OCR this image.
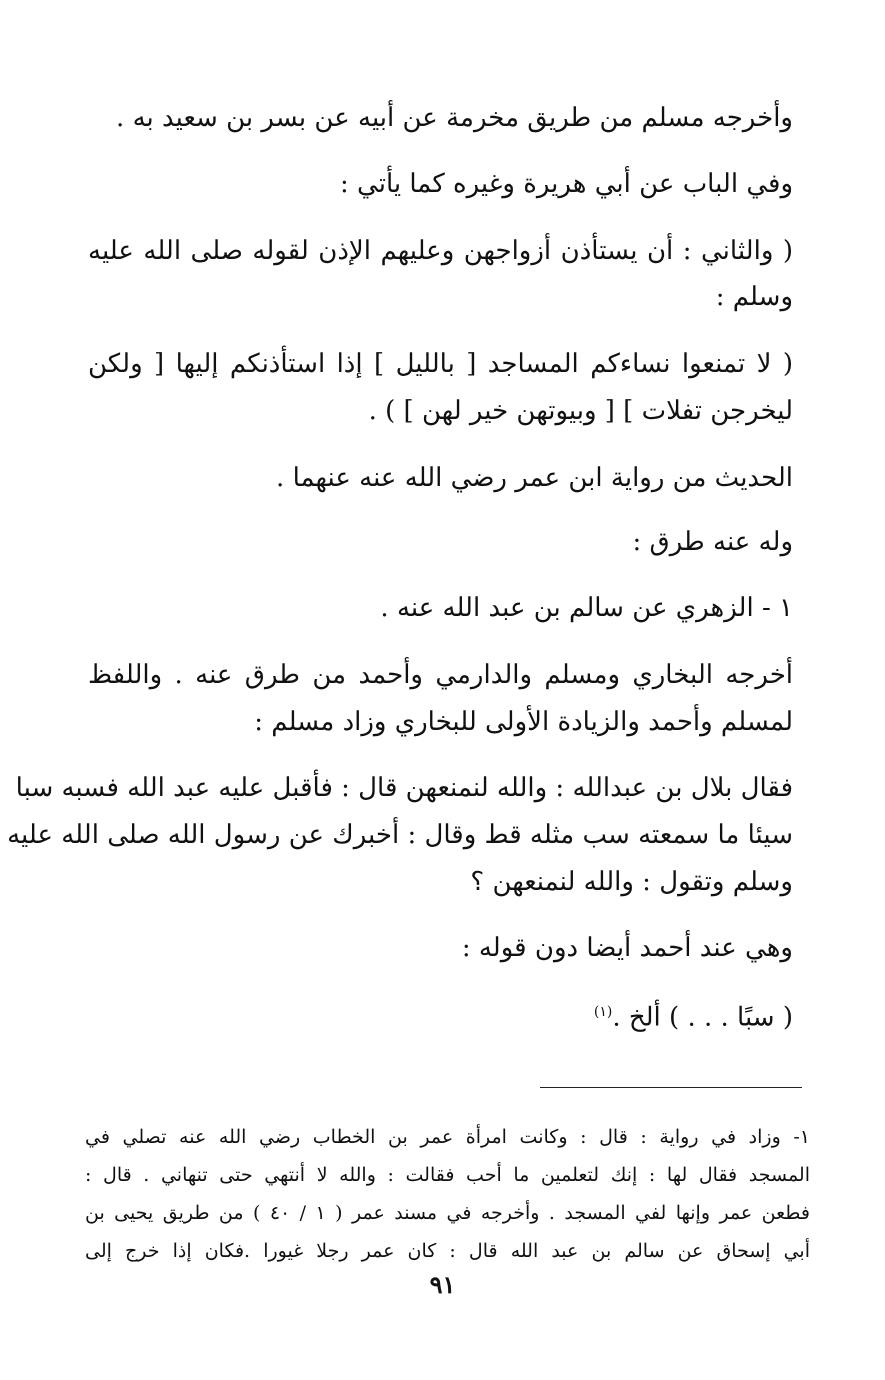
وأخرجه مسلم من طريق مخرمة عن أبيه عن بسر بن سعيد به .
وفي الباب عن أبي هريرة وغيره كما يأتي :
( والثاني : أن يستأذن أزواجهن وعليهم الإذن لقوله صلى الله عليه
وسلم :
( لا تمنعوا نساءكم المساجد [ بالليل ] إذا استأذنكم إليها [ ولكن
ليخرجن تفلات ] [ وبيوتهن خير لهن ] ) .
الحديث من رواية ابن عمر رضي الله عنه عنهما .
وله عنه طرق :
١ - الزهري عن سالم بن عبد الله عنه .
أخرجه البخاري ومسلم والدارمي وأحمد من طرق عنه . واللفظ
لمسلم وأحمد والزيادة الأولى للبخاري وزاد مسلم :
فقال بلال بن عبدالله : والله لنمنعهن قال : فأقبل عليه عبد الله فسبه سبا
سيئا ما سمعته سب مثله قط وقال : أخبرك عن رسول الله صلى الله عليه
وسلم وتقول : والله لنمنعهن ؟
وهي عند أحمد أيضا دون قوله :
( سبًا . . . ) ألخ .$^{(١)}$
١- وزاد في رواية : قال : وكانت امرأة عمر بن الخطاب رضي الله عنه تصلي في
المسجد فقال لها : إنك لتعلمين ما أحب فقالت : والله لا أنتهي حتى تنهاني . قال :
فطعن عمر وإنها لفي المسجد . وأخرجه في مسند عمر ( ١ / ٤٠ ) من طريق يحيى بن
أبي إسحاق عن سالم بن عبد الله قال : كان عمر رجلا غيورا .فكان إذا خرج إلى
٩١
